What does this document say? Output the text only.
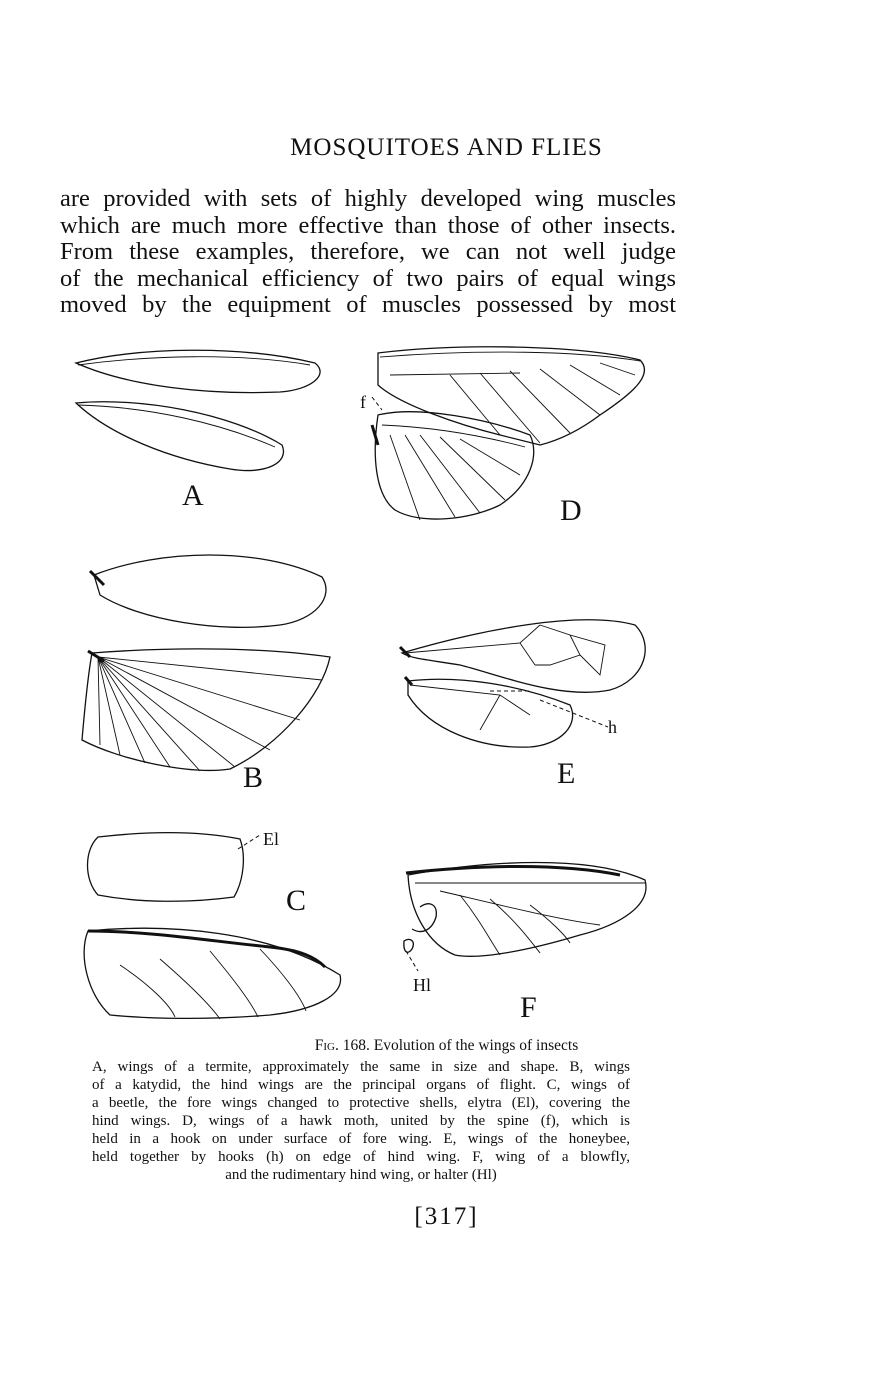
MOSQUITOES AND FLIES
are provided with sets of highly developed wing muscles
which are much more effective than those of other insects.
From these examples, therefore, we can not well judge
of the mechanical efficiency of two pairs of equal wings
moved by the equipment of muscles possessed by most
A
f
D
B
h
E
El
C
Hl
F
Fig. 168. Evolution of the wings of insects
A, wings of a termite, approximately the same in size and shape. B, wings
of a katydid, the hind wings are the principal organs of flight. C, wings of
a beetle, the fore wings changed to protective shells, elytra (El), covering the
hind wings. D, wings of a hawk moth, united by the spine (f), which is
held in a hook on under surface of fore wing. E, wings of the honeybee,
held together by hooks (h) on edge of hind wing. F, wing of a blowfly,
and the rudimentary hind wing, or halter (Hl)
[317]
